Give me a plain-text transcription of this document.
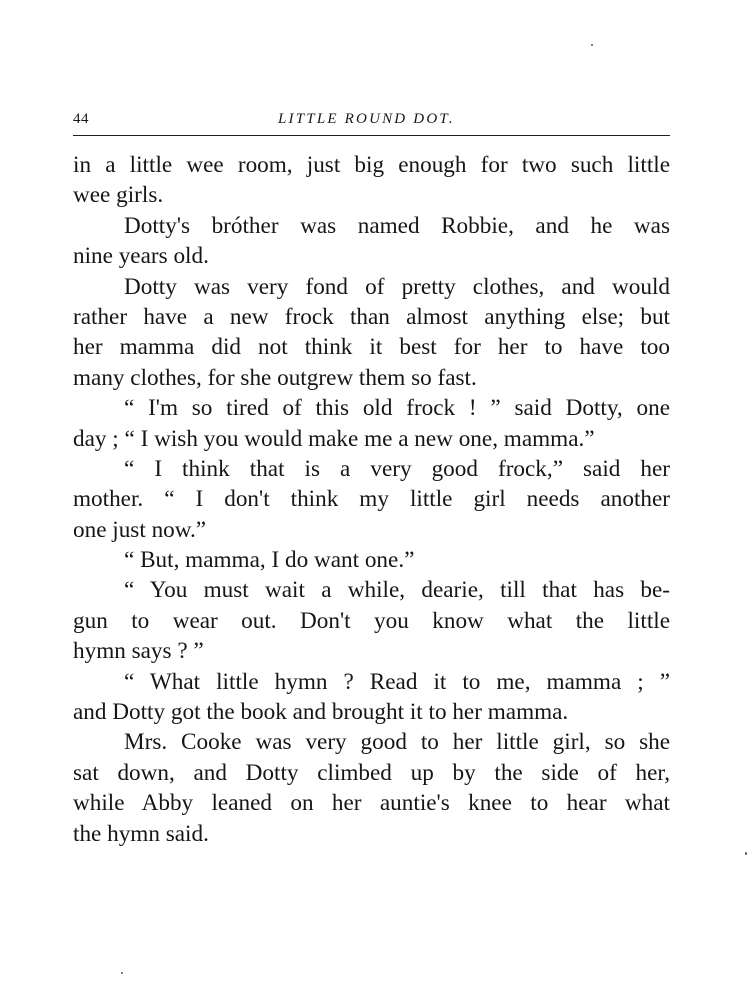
44	LITTLE ROUND DOT.
in a little wee room, just big enough for two such little
wee girls.
Dotty's bróther was named Robbie, and he was
nine years old.
Dotty was very fond of pretty clothes, and would
rather have a new frock than almost anything else; but
her mamma did not think it best for her to have too
many clothes, for she outgrew them so fast.
“ I'm so tired of this old frock ! ” said Dotty, one
day ; “ I wish you would make me a new one, mamma.”
“ I think that is a very good frock,” said her
mother. “ I don't think my little girl needs another
one just now.”
“ But, mamma, I do want one.”
“ You must wait a while, dearie, till that has be-
gun to wear out. Don't you know what the little
hymn says ? ”
“ What little hymn ? Read it to me, mamma ; ”
and Dotty got the book and brought it to her mamma.
Mrs. Cooke was very good to her little girl, so she
sat down, and Dotty climbed up by the side of her,
while Abby leaned on her auntie's knee to hear what
the hymn said.
